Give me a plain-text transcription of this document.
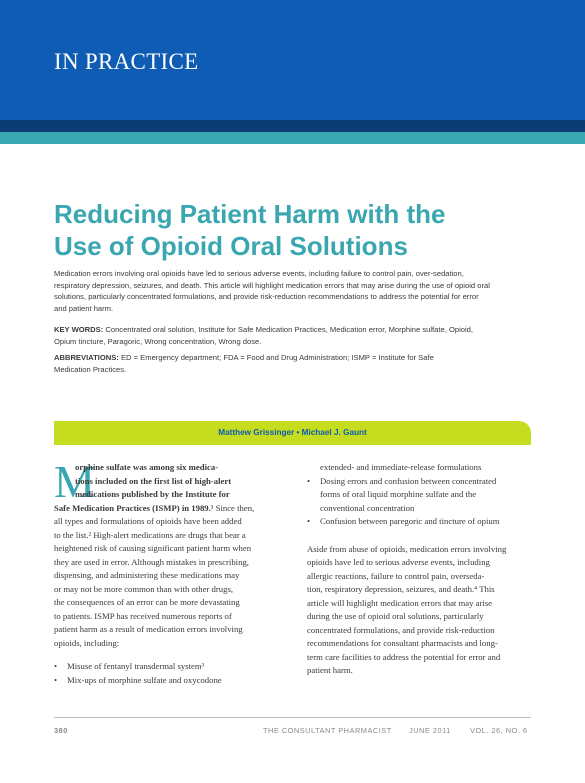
IN PRACTICE
Reducing Patient Harm with the
Use of Opioid Oral Solutions
Medication errors involving oral opioids have led to serious adverse events, including failure to control pain, over-sedation,
respiratory depression, seizures, and death. This article will highlight medication errors that may arise during the use of opioid oral
solutions, particularly concentrated formulations, and provide risk-reduction recommendations to address the potential for error
and patient harm.
KEY WORDS: Concentrated oral solution, Institute for Safe Medication Practices, Medication error, Morphine sulfate, Opioid,
Opium tincture, Paragoric, Wrong concentration, Wrong dose.
ABBREVIATIONS: ED = Emergency department; FDA = Food and Drug Administration; ISMP = Institute for Safe
Medication Practices.
Matthew Grissinger • Michael J. Gaunt
M
orphine sulfate was among six medica-
tions included on the first list of high-alert
medications published by the Institute for
Safe Medication Practices (ISMP) in 1989.¹ Since then,
all types and formulations of opioids have been added
to the list.² High-alert medications are drugs that bear a
heightened risk of causing significant patient harm when
they are used in error. Although mistakes in prescribing,
dispensing, and administering these medications may
or may not be more common than with other drugs,
the consequences of an error can be more devastating
to patients. ISMP has received numerous reports of
patient harm as a result of medication errors involving
opioids, including:
• Misuse of fentanyl transdermal system³
• Mix-ups of morphine sulfate and oxycodone
extended- and immediate-release formulations
• Dosing errors and confusion between concentrated
forms of oral liquid morphine sulfate and the
conventional concentration
• Confusion between paregoric and tincture of opium
Aside from abuse of opioids, medication errors involving
opioids have led to serious adverse events, including
allergic reactions, failure to control pain, overseda-
tion, respiratory depression, seizures, and death.⁴ This
article will highlight medication errors that may arise
during the use of opioid oral solutions, particularly
concentrated formulations, and provide risk-reduction
recommendations for consultant pharmacists and long-
term care facilities to address the potential for error and
patient harm.
380	THE CONSULTANT PHARMACIST JUNE 2011	VOL. 26, NO. 6
